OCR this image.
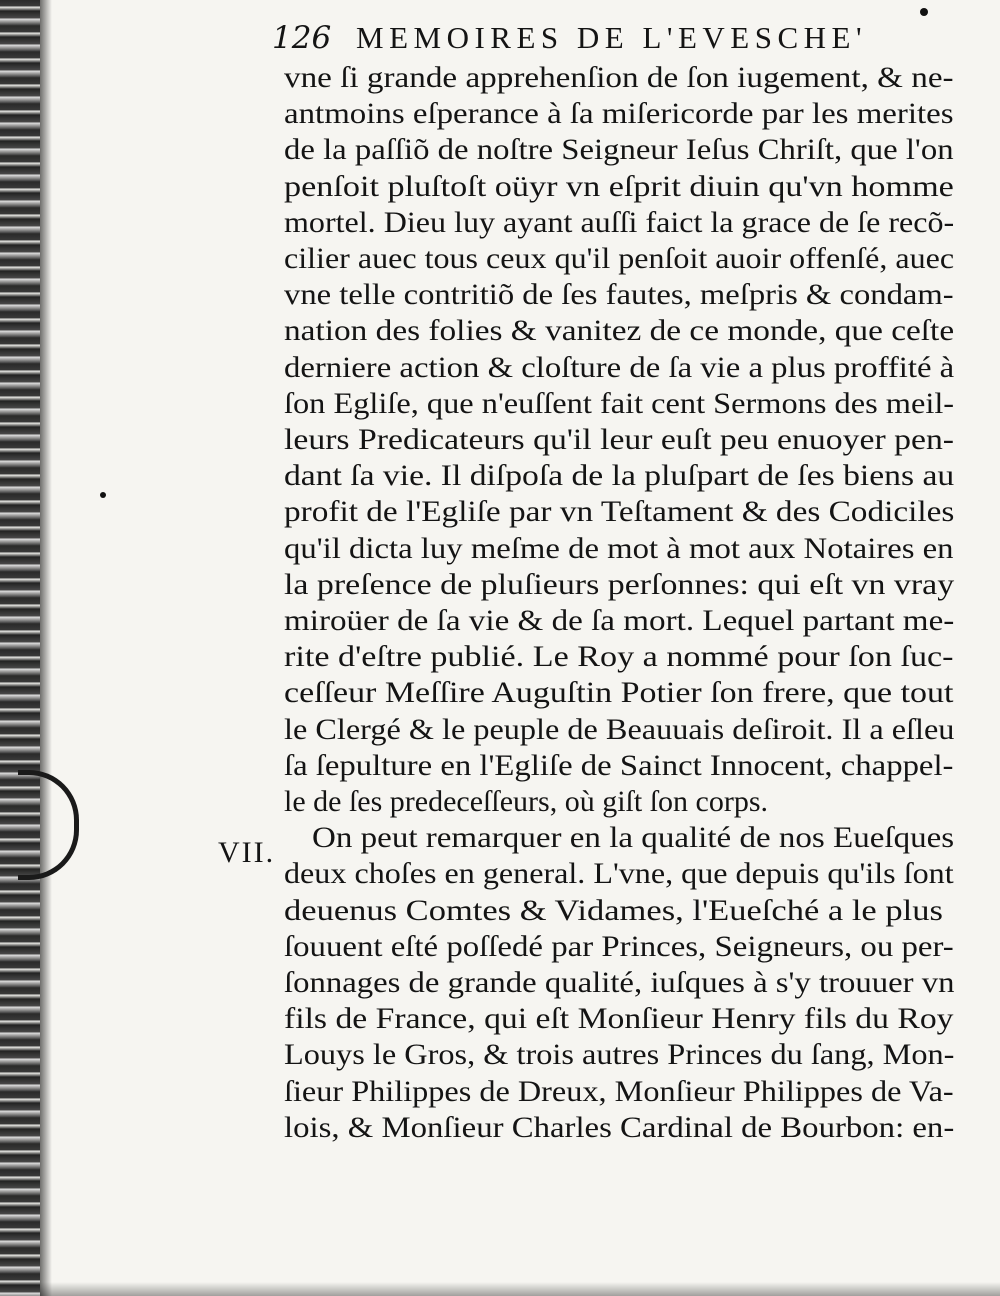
126 MEMOIRES DE L'EVESCHE'
VII.
vne ſi grande apprehenſion de ſon iugement, & ne-
antmoins eſperance à ſa miſericorde par les merites
de la paſſiõ de noſtre Seigneur Ieſus Chriſt, que l'on
penſoit pluſtoſt oüyr vn eſprit diuin qu'vn homme
mortel. Dieu luy ayant auſſi faict la grace de ſe recõ-
cilier auec tous ceux qu'il penſoit auoir offenſé, auec
vne telle contritiõ de ſes fautes, meſpris & condam-
nation des folies & vanitez de ce monde, que ceſte
derniere action & cloſture de ſa vie a plus proffité à
ſon Egliſe, que n'euſſent fait cent Sermons des meil-
leurs Predicateurs qu'il leur euſt peu enuoyer pen-
dant ſa vie. Il diſpoſa de la pluſpart de ſes biens au
profit de l'Egliſe par vn Teſtament & des Codiciles
qu'il dicta luy meſme de mot à mot aux Notaires en
la preſence de pluſieurs perſonnes: qui eſt vn vray
miroüer de ſa vie & de ſa mort. Lequel partant me-
rite d'eſtre publié. Le Roy a nommé pour ſon ſuc-
ceſſeur Meſſire Auguſtin Potier ſon frere, que tout
le Clergé & le peuple de Beauuais deſiroit. Il a eſleu
ſa ſepulture en l'Egliſe de Sainct Innocent, chappel-
le de ſes predeceſſeurs, où giſt ſon corps.
On peut remarquer en la qualité de nos Eueſques
deux choſes en general. L'vne, que depuis qu'ils ſont
deuenus Comtes & Vidames, l'Eueſché a le plus
ſouuent eſté poſſedé par Princes, Seigneurs, ou per-
ſonnages de grande qualité, iuſques à s'y trouuer vn
fils de France, qui eſt Monſieur Henry fils du Roy
Louys le Gros, & trois autres Princes du ſang, Mon-
ſieur Philippes de Dreux, Monſieur Philippes de Va-
lois, & Monſieur Charles Cardinal de Bourbon: en-
